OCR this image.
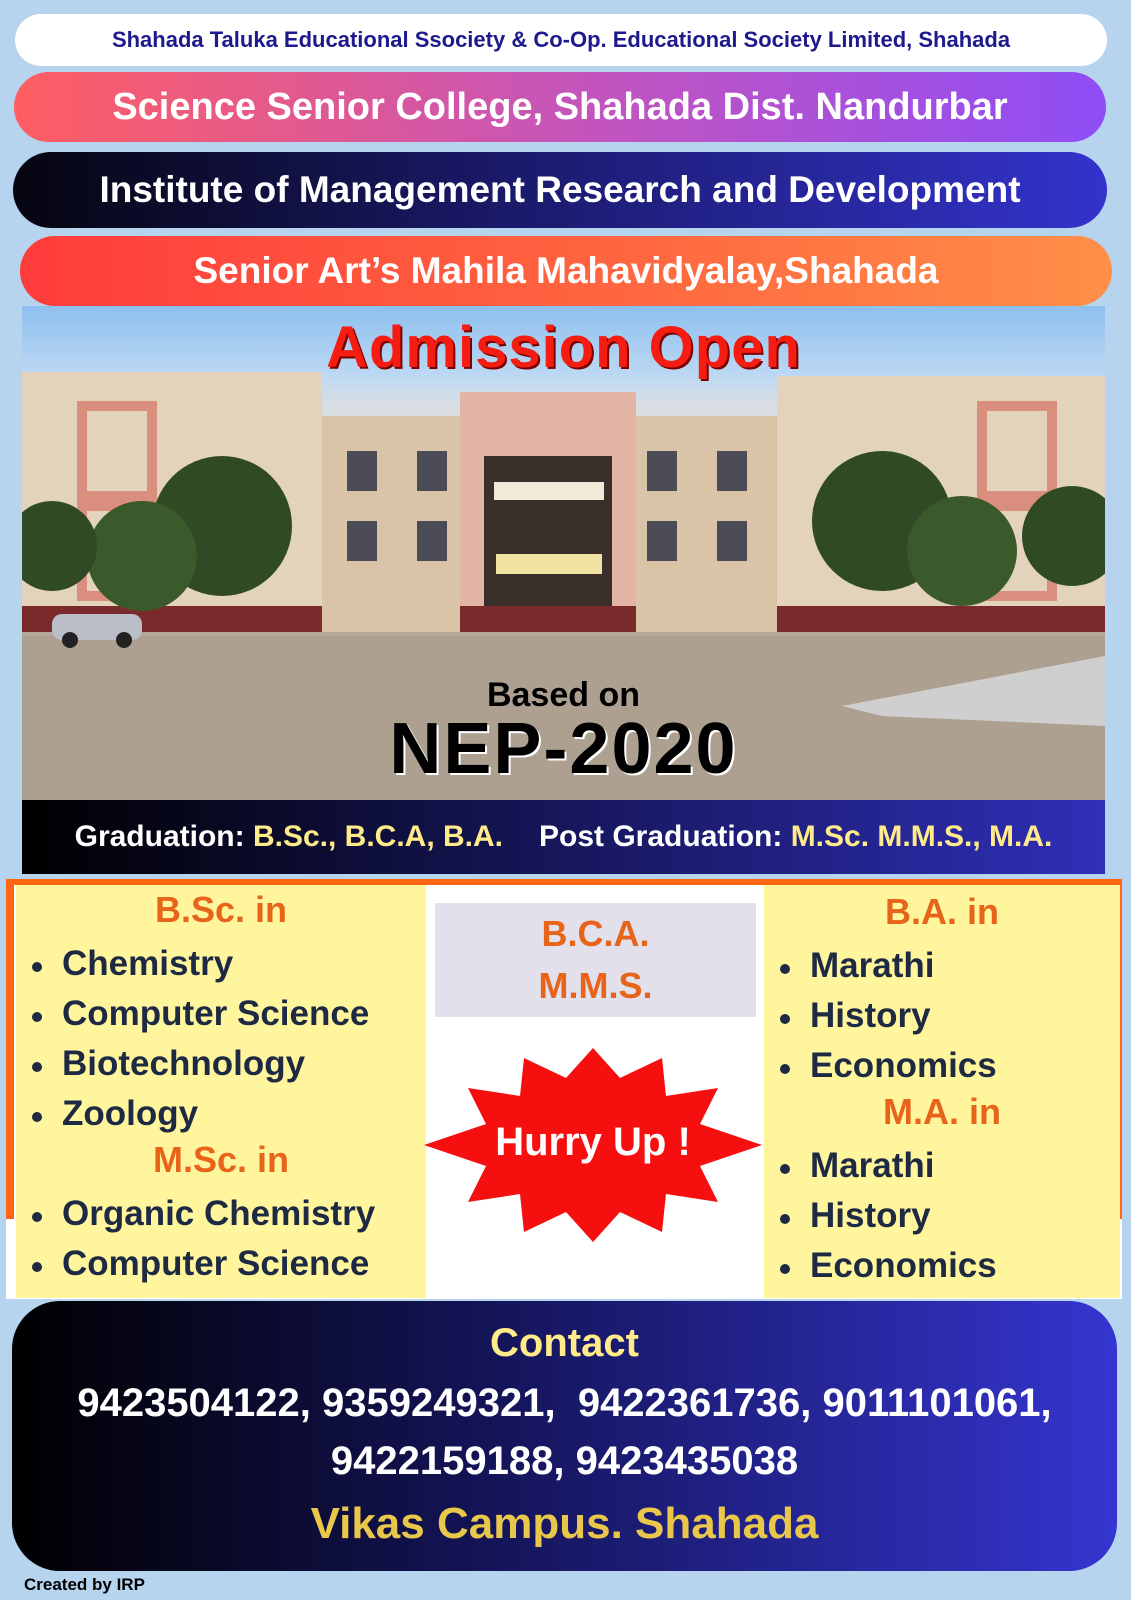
Shahada Taluka Educational Ssociety & Co-Op. Educational Society Limited, Shahada
Science Senior College, Shahada Dist. Nandurbar
Institute of Management Research and Development
Senior Art’s Mahila Mahavidyalay,Shahada
Admission Open
Based on
NEP-2020
Graduation: B.Sc., B.C.A, B.A. Post Graduation: M.Sc. M.M.S., M.A.
B.Sc. in
Chemistry
Computer Science
Biotechnology
Zoology
M.Sc. in
Organic Chemistry
Computer Science
B.C.A.
M.M.S.
Hurry Up !
B.A. in
Marathi
History
Economics
M.A. in
Marathi
History
Economics
Contact
9423504122, 9359249321,  9422361736, 9011101061,
9422159188, 9423435038
Vikas Campus. Shahada
Created by IRP
